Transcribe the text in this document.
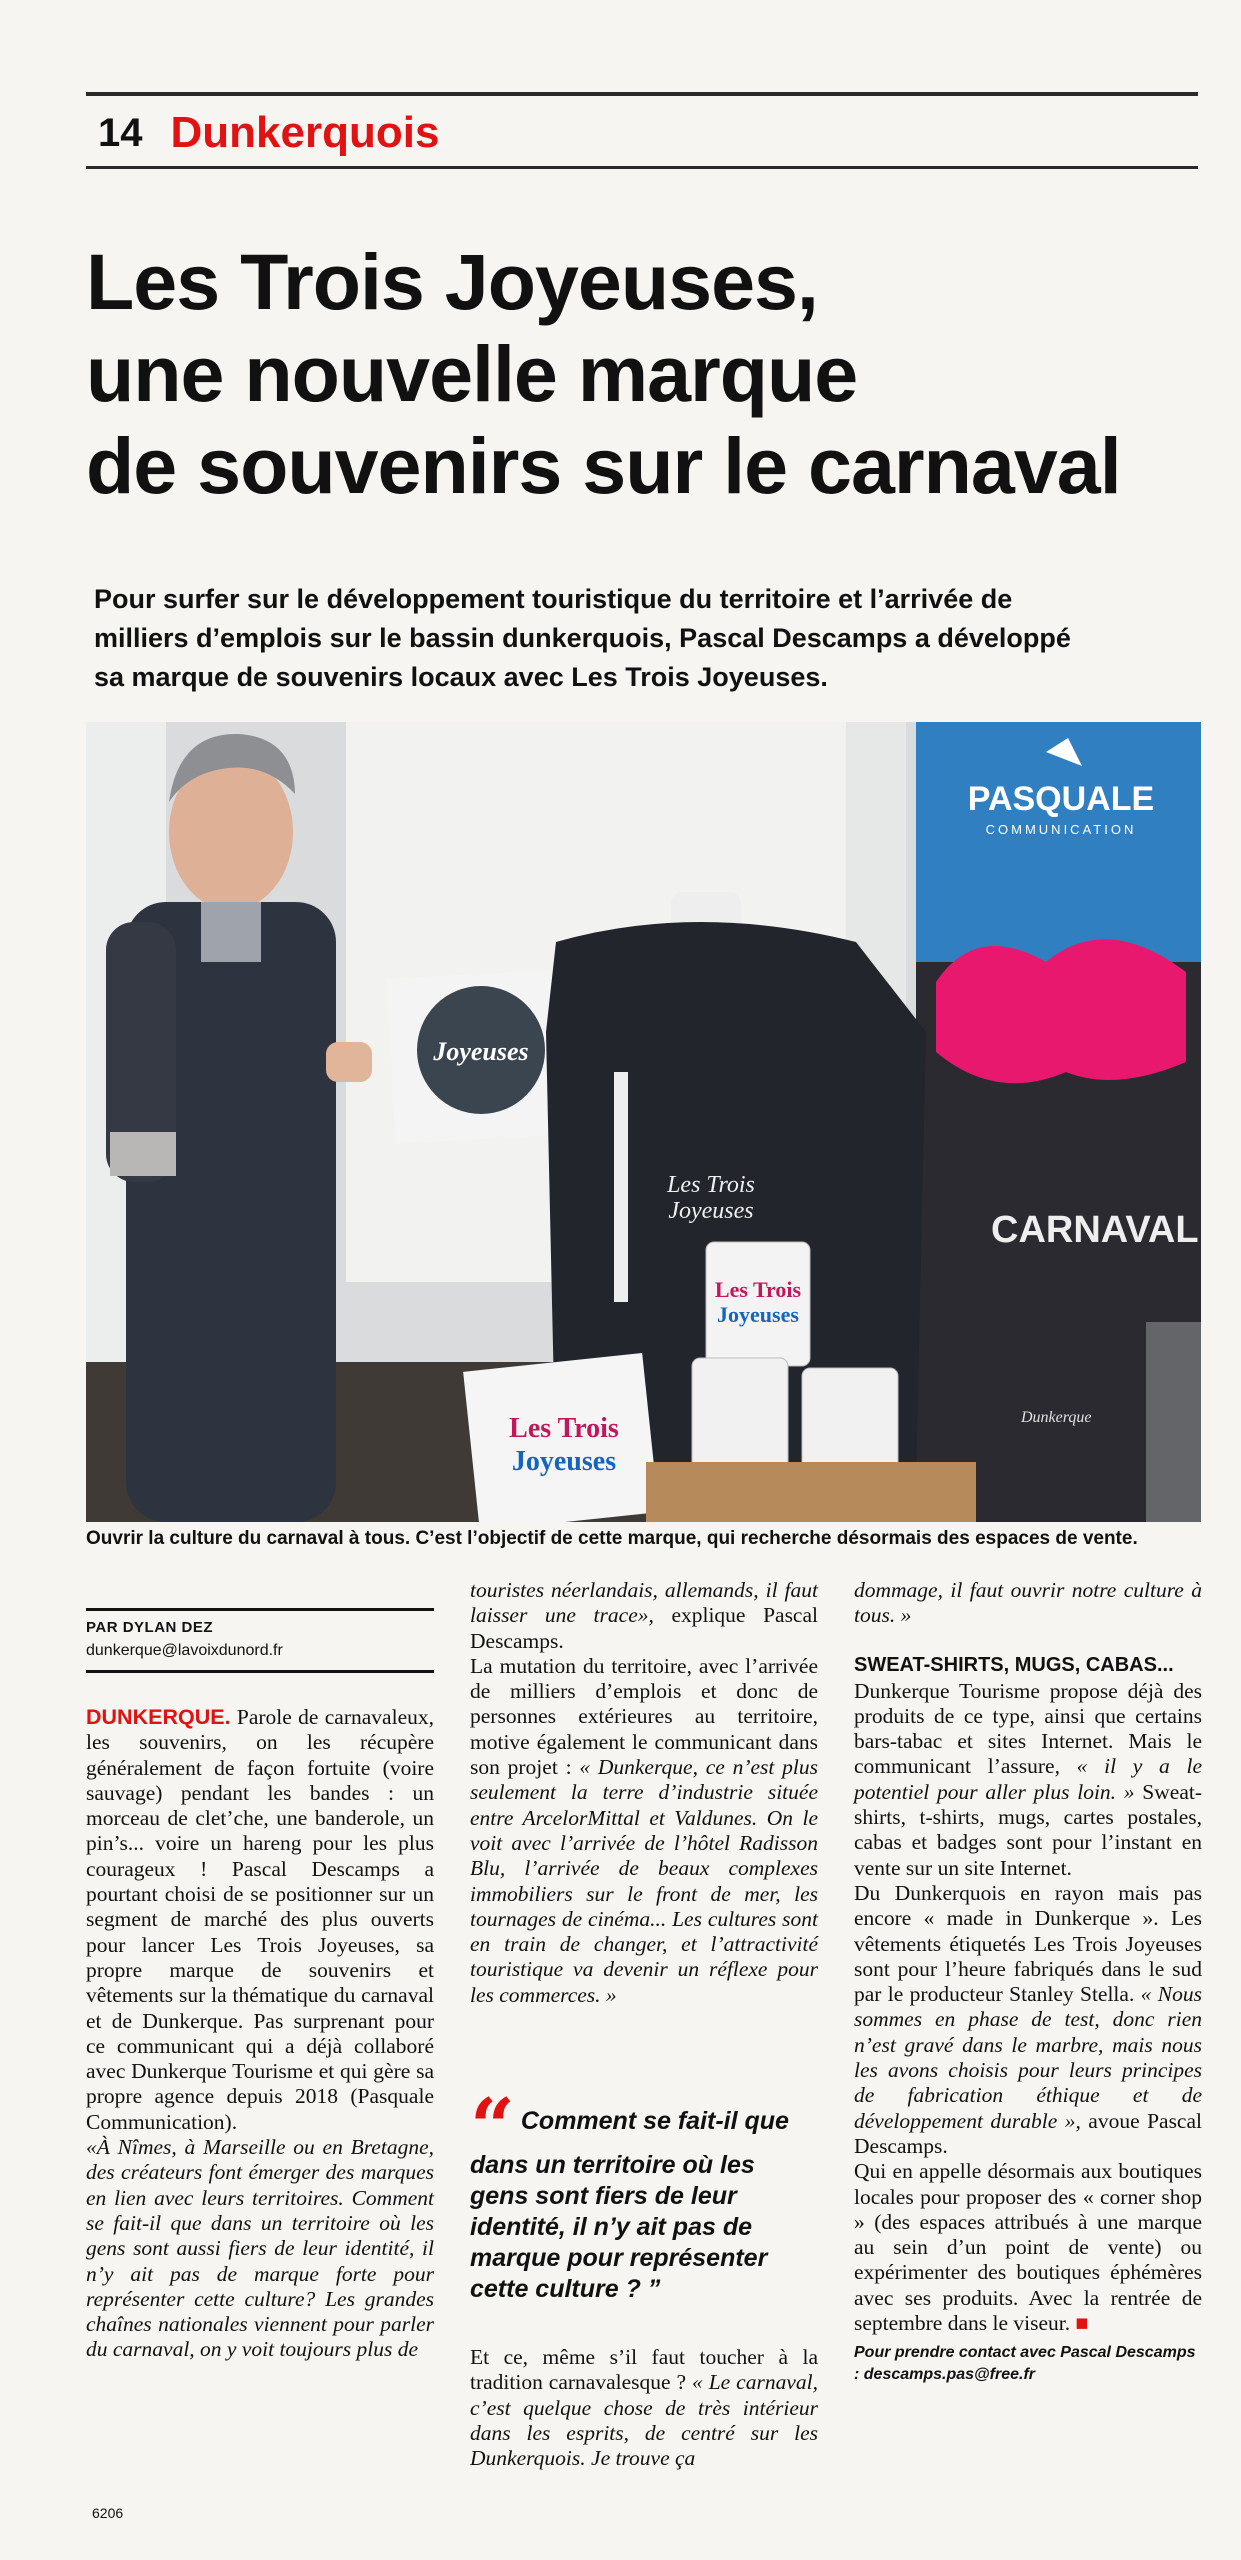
14 Dunkerquois
Les Trois Joyeuses,
une nouvelle marque
de souvenirs sur le carnaval

Pour surfer sur le développement touristique du territoire et l’arrivée de
milliers d’emplois sur le bassin dunkerquois, Pascal Descamps a développé
sa marque de souvenirs locaux avec Les Trois Joyeuses.

PASQUALE
COMMUNICATION
CARNAVAL
Dunkerque
Joyeuses
Les Trois
Joyeuses
Les Trois
Joyeuses
Les Trois
Joyeuses
Ouvrir la culture du carnaval à tous. C’est l’objectif de cette marque, qui recherche désormais des espaces de vente.
PAR DYLAN DEZ
dunkerque@lavoixdunord.fr

DUNKERQUE. Parole de carnavaleux, les souvenirs, on les récupère généralement de façon fortuite (voire sauvage) pendant les bandes : un morceau de clet’che, une banderole, un pin’s... voire un hareng pour les plus courageux ! Pascal Descamps a pourtant choisi de se positionner sur un segment de marché des plus ouverts pour lancer Les Trois Joyeuses, sa propre marque de souvenirs et vêtements sur la thématique du carnaval et de Dunkerque. Pas surprenant pour ce communicant qui a déjà collaboré avec Dunkerque Tourisme et qui gère sa propre agence depuis 2018 (Pasquale Communication).

«À Nîmes, à Marseille ou en Bretagne, des créateurs font émerger des marques en lien avec leurs territoires. Comment se fait-il que dans un territoire où les gens sont aussi fiers de leur identité, il n’y ait pas de marque forte pour représenter cette culture? Les grandes chaînes nationales viennent pour parler du carnaval, on y voit toujours plus de

touristes néerlandais, allemands, il faut laisser une trace», explique Pascal Descamps.

La mutation du territoire, avec l’arrivée de milliers d’emplois et donc de personnes extérieures au territoire, motive également le communicant dans son projet : « Dunkerque, ce n’est plus seulement la terre d’industrie située entre ArcelorMittal et Valdunes. On le voit avec l’arrivée de l’hôtel Radisson Blu, l’arrivée de beaux complexes immobiliers sur le front de mer, les tournages de cinéma... Les cultures sont en train de changer, et l’attractivité touristique va devenir un réflexe pour les commerces. »

“ Comment se fait-il que dans un territoire où les gens sont fiers de leur identité, il n’y ait pas de marque pour représenter cette culture ? ”

Et ce, même s’il faut toucher à la tradition carnavalesque ? « Le carnaval, c’est quelque chose de très intérieur dans les esprits, de centré sur les Dunkerquois. Je trouve ça

dommage, il faut ouvrir notre culture à tous. »

SWEAT-SHIRTS, MUGS, CABAS...

Dunkerque Tourisme propose déjà des produits de ce type, ainsi que certains bars-tabac et sites Internet. Mais le communicant l’assure, « il y a le potentiel pour aller plus loin. » Sweat-shirts, t-shirts, mugs, cartes postales, cabas et badges sont pour l’instant en vente sur un site Internet.

Du Dunkerquois en rayon mais pas encore « made in Dunkerque ». Les vêtements étiquetés Les Trois Joyeuses sont pour l’heure fabriqués dans le sud par le producteur Stanley Stella. « Nous sommes en phase de test, donc rien n’est gravé dans le marbre, mais nous les avons choisis pour leurs principes de fabrication éthique et de développement durable », avoue Pascal Descamps.

Qui en appelle désormais aux boutiques locales pour proposer des « corner shop » (des espaces attribués à une marque au sein d’un point de vente) ou expérimenter des boutiques éphémères avec ses produits. Avec la rentrée de septembre dans le viseur. ■

Pour prendre contact avec Pascal Descamps : descamps.pas@free.fr
6206
